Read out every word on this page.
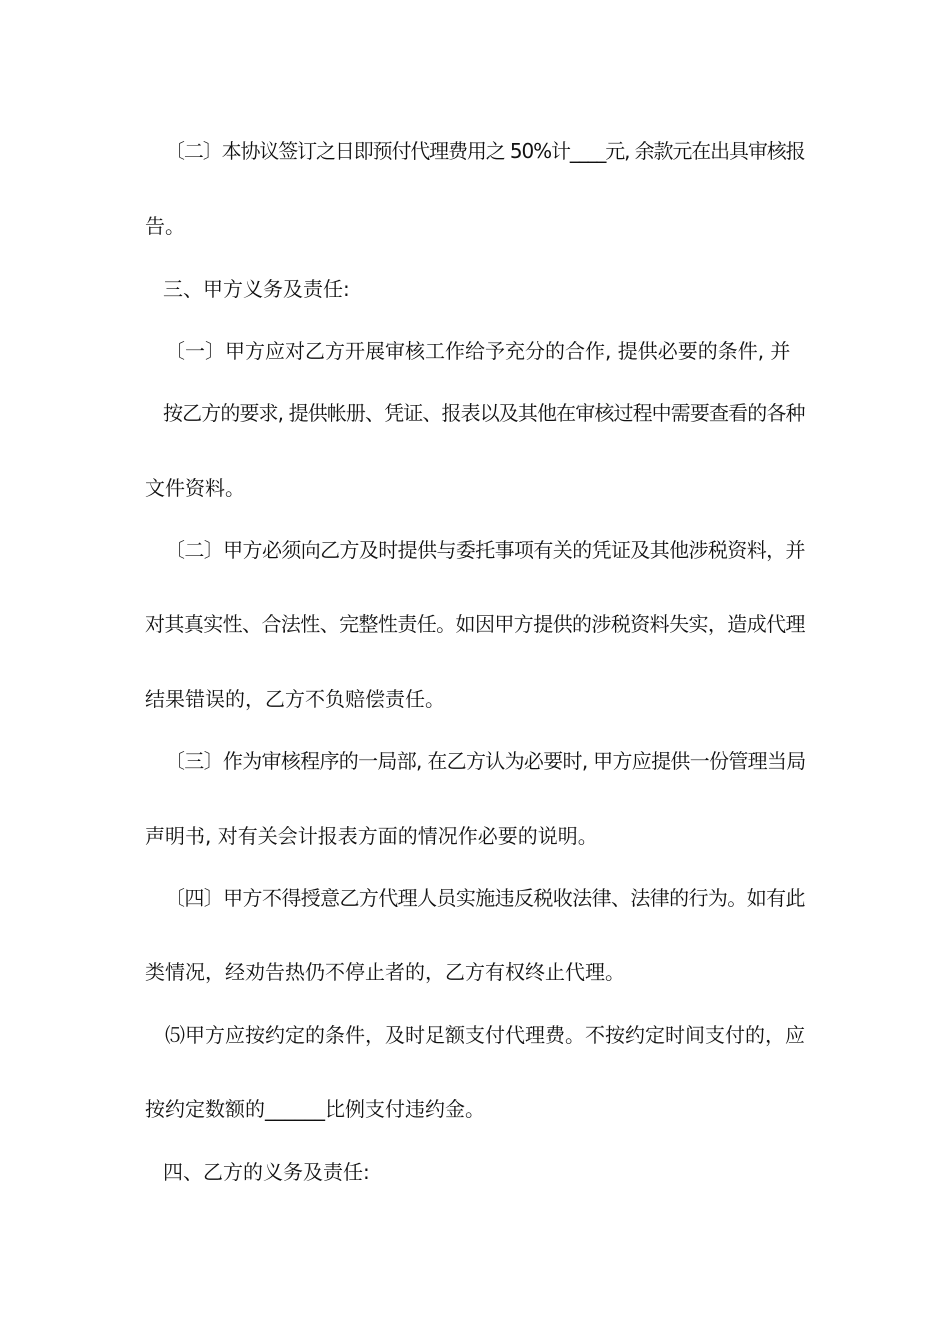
〔二〕本协议签订之日即预付代理费用之 50%计____元, 余款元在出具审核报
告。
三、甲方义务及责任:
〔一〕甲方应对乙方开展审核工作给予充分的合作, 提供必要的条件, 并
按乙方的要求, 提供帐册、凭证、报表以及其他在审核过程中需要查看的各种
文件资料。
〔二〕甲方必须向乙方及时提供与委托事项有关的凭证及其他涉税资料，并
对其真实性、合法性、完整性责任。如因甲方提供的涉税资料失实，造成代理
结果错误的，乙方不负赔偿责任。
〔三〕作为审核程序的一局部, 在乙方认为必要时, 甲方应提供一份管理当局
声明书, 对有关会计报表方面的情况作必要的说明。
〔四〕甲方不得授意乙方代理人员实施违反税收法律、法律的行为。如有此
类情况，经劝告热仍不停止者的，乙方有权终止代理。
⑸甲方应按约定的条件，及时足额支付代理费。不按约定时间支付的，应
按约定数额的______比例支付违约金。
四、乙方的义务及责任:
